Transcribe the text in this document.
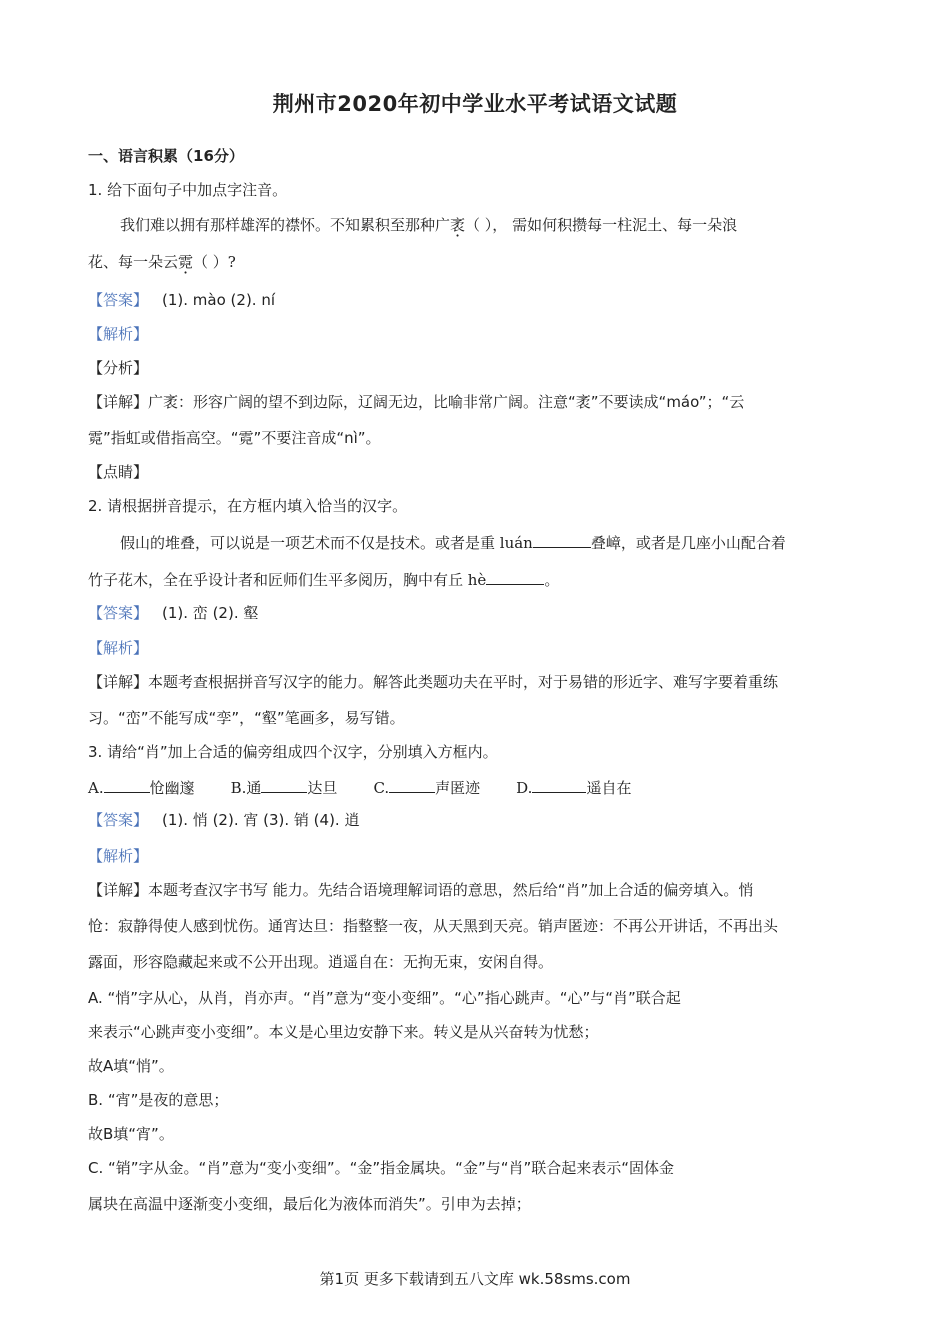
荆州市2020年初中学业水平考试语文试题
一、语言积累（16分）
1. 给下面句子中加点字注音。
我们难以拥有那样雄浑的襟怀。不知累积至那种广袤（ ）， 需如何积攒每一柱泥土、每一朵浪
花、每一朵云霓（ ）?
【答案】 (1). mào (2). ní
【解析】
【分析】
【详解】广袤：形容广阔的望不到边际，辽阔无边，比喻非常广阔。注意“袤”不要读成“máo”；“云
霓”指虹或借指高空。“霓”不要注音成“nì”。
【点睛】
2. 请根据拼音提示，在方框内填入恰当的汉字。
假山的堆叠，可以说是一项艺术而不仅是技术。或者是重 luán	叠嶂，或者是几座小山配合着
竹子花木，全在乎设计者和匠师们生平多阅历，胸中有丘 hè	。
【答案】 (1). 峦 (2). 壑
【解析】
【详解】本题考查根据拼音写汉字的能力。解答此类题功夫在平时，对于易错的形近字、难写字要着重练
习。“峦”不能写成“孪”，“壑”笔画多，易写错。
3. 请给“肖”加上合适的偏旁组成四个汉字，分别填入方框内。
A.	怆幽邃 B.通	达旦 C.	声匿迹 D.	遥自在
【答案】 (1). 悄 (2). 宵 (3). 销 (4). 逍
【解析】
【详解】本题考查汉字书写 能力。先结合语境理解词语的意思，然后给“肖”加上合适的偏旁填入。悄
怆：寂静得使人感到忧伤。通宵达旦：指整整一夜，从天黑到天亮。销声匿迹：不再公开讲话，不再出头
露面，形容隐藏起来或不公开出现。逍遥自在：无拘无束，安闲自得。
A. “悄”字从心，从肖，肖亦声。“肖”意为“变小变细”。“心”指心跳声。“心”与“肖”联合起
来表示“心跳声变小变细”。本义是心里边安静下来。转义是从兴奋转为忧愁；
故A填“悄”。
B. “宵”是夜的意思；
故B填“宵”。
C. “销”字从金。“肖”意为“变小变细”。“金”指金属块。“金”与“肖”联合起来表示“固体金
属块在高温中逐渐变小变细，最后化为液体而消失”。引申为去掉；
第1页 更多下载请到五八文库 wk.58sms.com
